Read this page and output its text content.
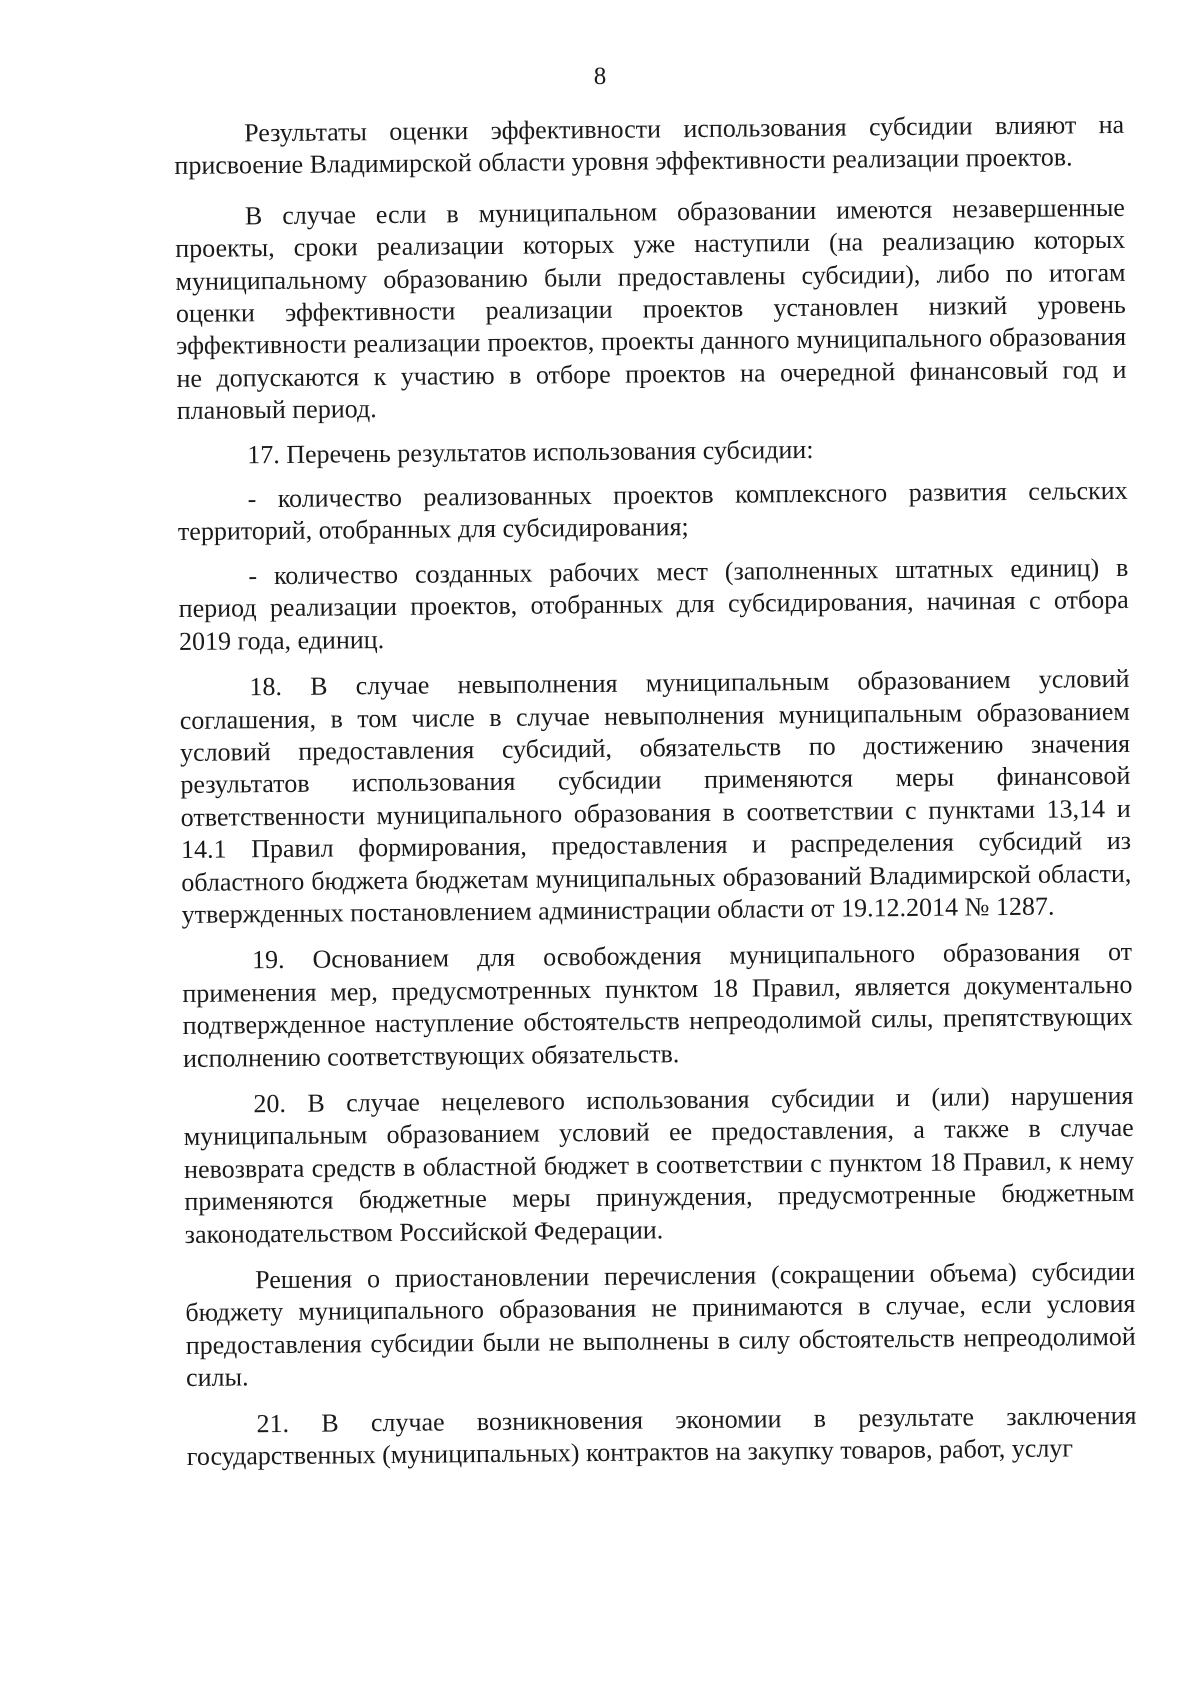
8

Результаты оценки эффективности использования субсидии влияют на присвоение Владимирской области уровня эффективности реализации проектов.

В случае если в муниципальном образовании имеются незавершенные проекты, сроки реализации которых уже наступили (на реализацию которых муниципальному образованию были предоставлены субсидии), либо по итогам оценки эффективности реализации проектов установлен низкий уровень эффективности реализации проектов, проекты данного муниципального образования не допускаются к участию в отборе проектов на очередной финансовый год и плановый период.

17. Перечень результатов использования субсидии:

- количество реализованных проектов комплексного развития сельских территорий, отобранных для субсидирования;

- количество созданных рабочих мест (заполненных штатных единиц) в период реализации проектов, отобранных для субсидирования, начиная с отбора 2019 года, единиц.

18. В случае невыполнения муниципальным образованием условий соглашения, в том числе в случае невыполнения муниципальным образованием условий предоставления субсидий, обязательств по достижению значения результатов использования субсидии применяются меры финансовой ответственности муниципального образования в соответствии с пунктами 13,14 и 14.1 Правил формирования, предоставления и распределения субсидий из областного бюджета бюджетам муниципальных образований Владимирской области, утвержденных постановлением администрации области от 19.12.2014 № 1287.

19. Основанием для освобождения муниципального образования от применения мер, предусмотренных пунктом 18 Правил, является документально подтвержденное наступление обстоятельств непреодолимой силы, препятствующих исполнению соответствующих обязательств.

20. В случае нецелевого использования субсидии и (или) нарушения муниципальным образованием условий ее предоставления, а также в случае невозврата средств в областной бюджет в соответствии с пунктом 18 Правил, к нему применяются бюджетные меры принуждения, предусмотренные бюджетным законодательством Российской Федерации.

Решения о приостановлении перечисления (сокращении объема) субсидии бюджету муниципального образования не принимаются в случае, если условия предоставления субсидии были не выполнены в силу обстоятельств непреодолимой силы.

21. В случае возникновения экономии в результате заключения государственных (муниципальных) контрактов на закупку товаров, работ, услуг
